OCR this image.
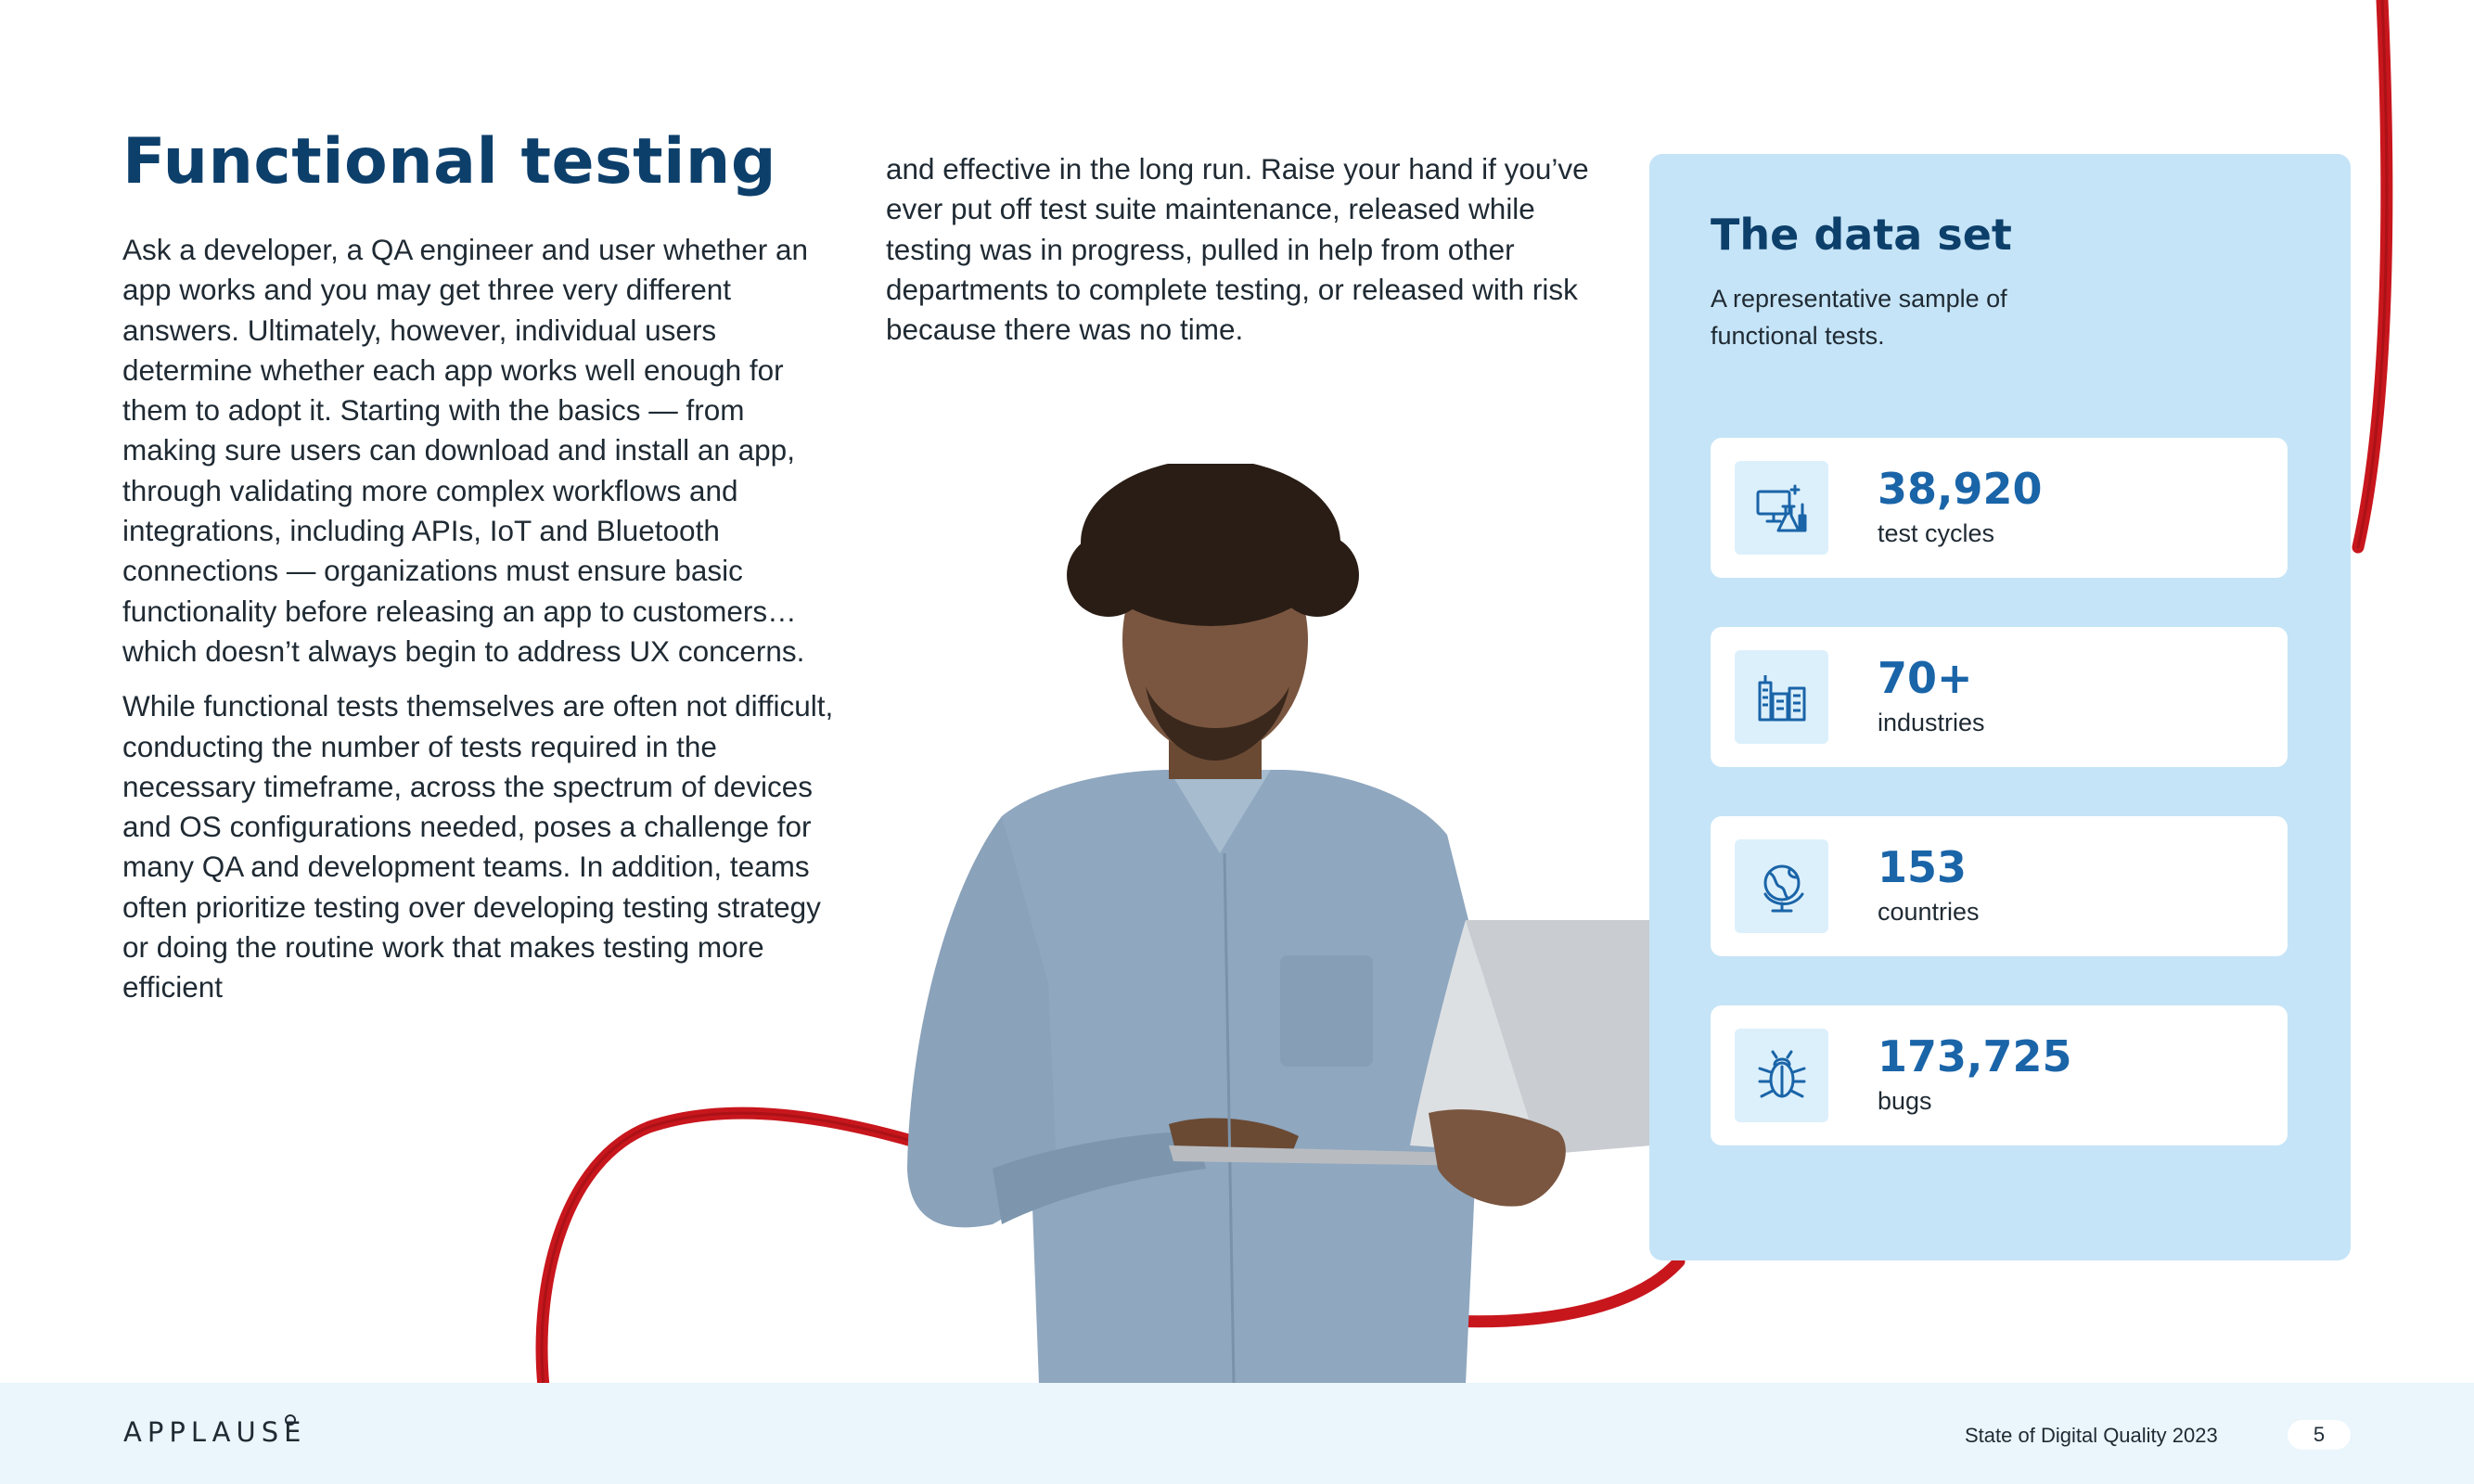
Functional testing

Ask a developer, a QA engineer and user whether an app works and you may get three very different answers. Ultimately, however, individual users determine whether each app works well enough for them to adopt it. Starting with the basics — from making sure users can download and install an app, through validating more complex workflows and integrations, including APIs, IoT and Bluetooth connections — organizations must ensure basic functionality before releasing an app to customers… which doesn’t always begin to address UX concerns.

While functional tests themselves are often not difficult, conducting the number of tests required in the necessary timeframe, across the spectrum of devices and OS configurations needed, poses a challenge for many QA and development teams. In addition, teams often prioritize testing over developing testing strategy or doing the routine work that makes testing more efficient

and effective in the long run. Raise your hand if you’ve ever put off test suite maintenance, released while testing was in progress, pulled in help from other departments to complete testing, or released with risk because there was no time.

The data set

A representative sample of functional tests.

38,920
test cycles
70+
industries
153
countries
173,725
bugs
APPLAUSE	State of Digital Quality 2023	5
